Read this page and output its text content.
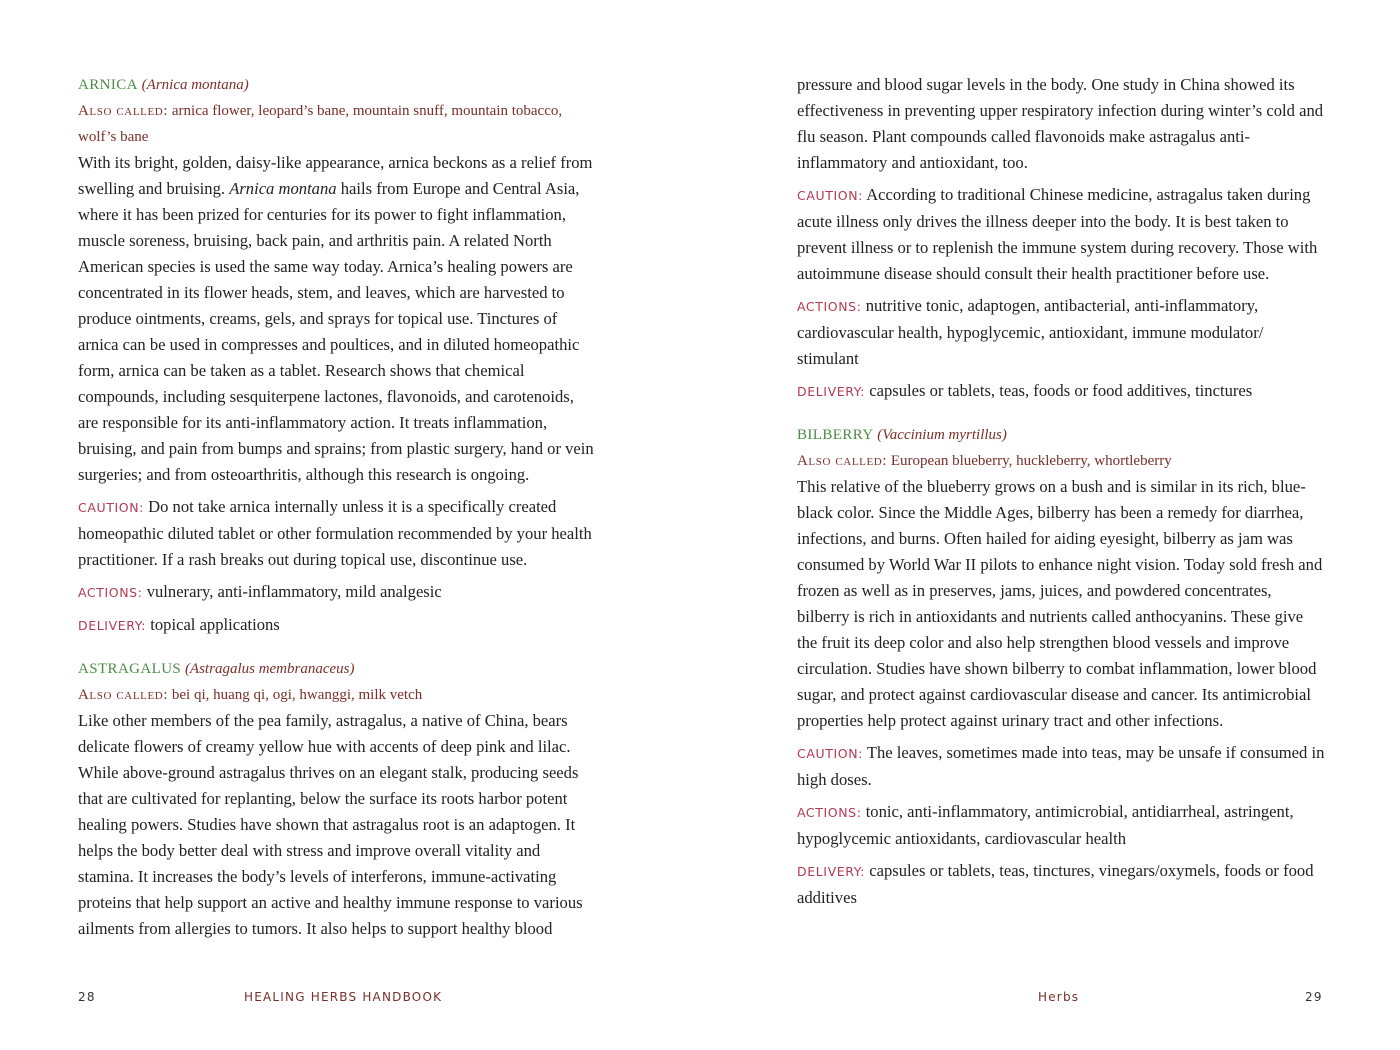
ARNICA (Arnica montana)

Also called: arnica flower, leopard’s bane, mountain snuff, mountain tobacco, wolf’s bane

With its bright, golden, daisy-like appearance, arnica beckons as a relief from swelling and bruising. Arnica montana hails from Europe and Central Asia, where it has been prized for centuries for its power to fight inflammation, muscle soreness, bruising, back pain, and arthritis pain. A related North American species is used the same way today. Arnica’s healing powers are concentrated in its flower heads, stem, and leaves, which are harvested to produce ointments, creams, gels, and sprays for topical use. Tinctures of arnica can be used in compresses and poultices, and in diluted homeopathic form, arnica can be taken as a tablet. Research shows that chemical compounds, including sesquiterpene lactones, flavonoids, and carotenoids, are responsible for its anti-inflammatory action. It treats inflammation, bruising, and pain from bumps and sprains; from plastic surgery, hand or vein surgeries; and from osteoarthritis, although this research is ongoing.

CAUTION: Do not take arnica internally unless it is a specifically created homeopathic diluted tablet or other formulation recommended by your health practitioner. If a rash breaks out during topical use, discontinue use.

ACTIONS: vulnerary, anti-inflammatory, mild analgesic

DELIVERY: topical applications

ASTRAGALUS (Astragalus membranaceus)

Also called: bei qi, huang qi, ogi, hwanggi, milk vetch

Like other members of the pea family, astragalus, a native of China, bears delicate flowers of creamy yellow hue with accents of deep pink and lilac. While above-ground astragalus thrives on an elegant stalk, producing seeds that are cultivated for replanting, below the surface its roots harbor potent healing powers. Studies have shown that astragalus root is an adaptogen. It helps the body better deal with stress and improve overall vitality and stamina. It increases the body’s levels of interferons, immune-activating proteins that help support an active and healthy immune response to various ailments from allergies to tumors. It also helps to support healthy blood

pressure and blood sugar levels in the body. One study in China showed its effectiveness in preventing upper respiratory infection during winter’s cold and flu season. Plant compounds called flavonoids make astragalus anti-inflammatory and antioxidant, too.

CAUTION: According to traditional Chinese medicine, astragalus taken during acute illness only drives the illness deeper into the body. It is best taken to prevent illness or to replenish the immune system during recovery. Those with autoimmune disease should consult their health practitioner before use.

ACTIONS: nutritive tonic, adaptogen, antibacterial, anti-inflammatory, cardiovascular health, hypoglycemic, antioxidant, immune modulator/ stimulant

DELIVERY: capsules or tablets, teas, foods or food additives, tinctures

BILBERRY (Vaccinium myrtillus)

Also called: European blueberry, huckleberry, whortleberry

This relative of the blueberry grows on a bush and is similar in its rich, blue-black color. Since the Middle Ages, bilberry has been a remedy for diarrhea, infections, and burns. Often hailed for aiding eyesight, bilberry as jam was consumed by World War II pilots to enhance night vision. Today sold fresh and frozen as well as in preserves, jams, juices, and powdered concentrates, bilberry is rich in antioxidants and nutrients called anthocyanins. These give the fruit its deep color and also help strengthen blood vessels and improve circulation. Studies have shown bilberry to combat inflammation, lower blood sugar, and protect against cardiovascular disease and cancer. Its antimicrobial properties help protect against urinary tract and other infections.

CAUTION: The leaves, sometimes made into teas, may be unsafe if consumed in high doses.

ACTIONS: tonic, anti-inflammatory, antimicrobial, antidiarrheal, astringent, hypoglycemic antioxidants, cardiovascular health

DELIVERY: capsules or tablets, teas, tinctures, vinegars/oxymels, foods or food additives

28	HEALING HERBS HANDBOOK	Herbs	29
